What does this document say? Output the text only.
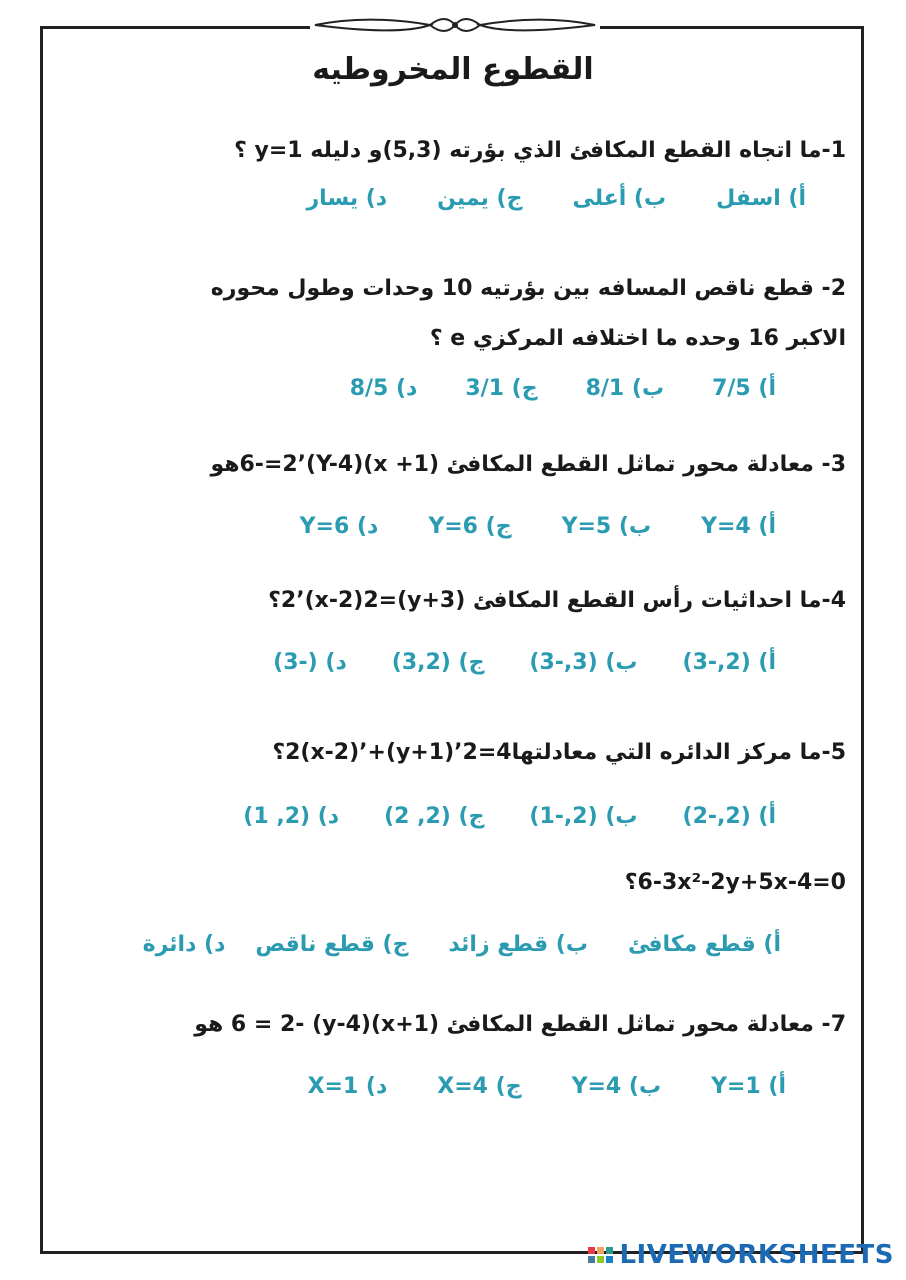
القطوع المخروطيه
1-ما اتجاه القطع المكافئ الذي بؤرته (5,3)و دليله y=1 ؟
أ) اسفل
ب) أعلى
ج) يمين
د) يسار
2- قطع ناقص المسافه بين بؤرتيه 10 وحدات وطول محوره
الاكبر 16 وحده ما اختلافه المركزي e ؟
أ) 7/5
ب) 8/1
ج) 3/1
د) 8/5
3- معادلة محور تماثل القطع المكافئ (1+ x)6-=2’(Y-4)هو
أ) Y=4
ب) Y=5
ج) Y=6
د) Y=6
4-ما احداثيات رأس القطع المكافئ (y+3)=2’(x-2)2؟
أ) (2,-3)
ب) (3,-3)
ج) (3,2)
د) (-3)
5-ما مركز الدائره التي معادلتها4=2’(y+1)+’(x-2)2؟
أ) (2,-2)
ب) (2,-1)
ج) (2, 2)
د) (2, 1)
6-3x²-2y+5x-4=0؟
أ) قطع مكافئ
ب) قطع زائد
ج) قطع ناقص
د) دائرة
7- معادلة محور تماثل القطع المكافئ (x+1)(y-4) -6 = 2 هو
أ) Y=1
ب) Y=4
ج) X=4
د) X=1
LIVEWORKSHEETS
